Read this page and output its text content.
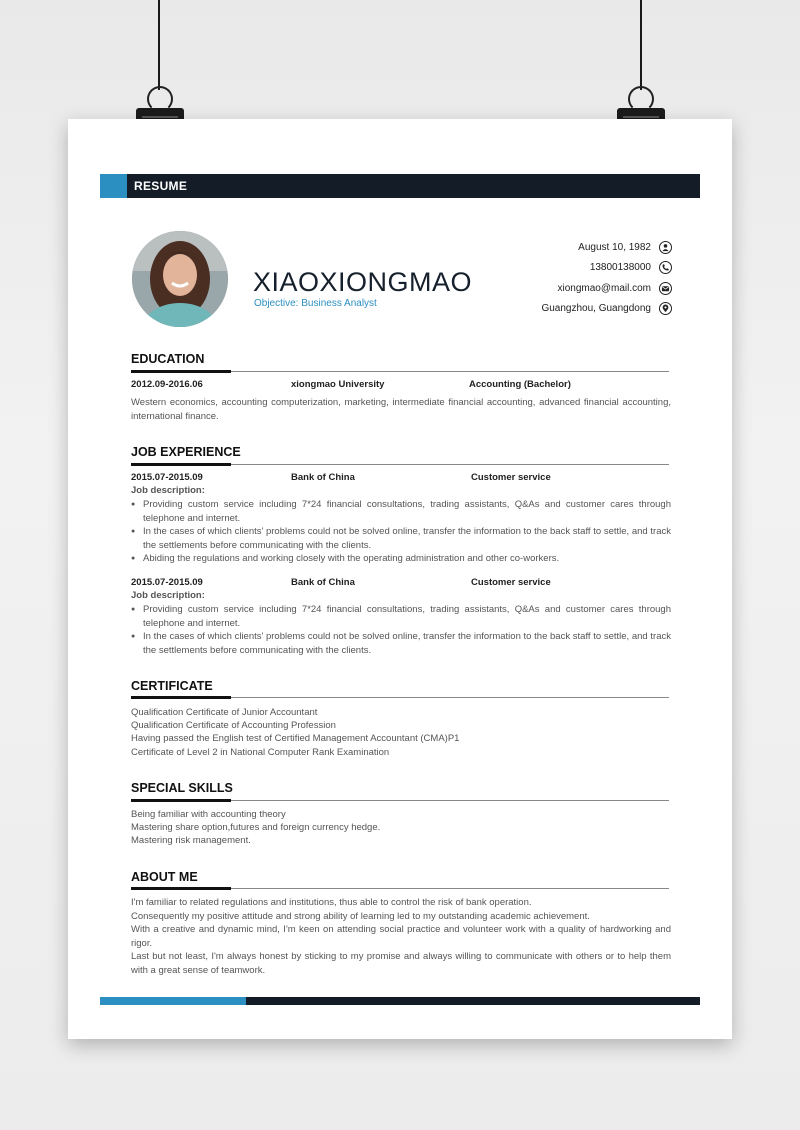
RESUME
XIAOXIONGMAO
Objective: Business Analyst
August 10, 1982
13800138000
xiongmao@mail.com
Guangzhou, Guangdong
EDUCATION
2012.09-2016.06	xiongmao University	Accounting (Bachelor)
Western economics, accounting computerization, marketing, intermediate financial accounting, advanced financial accounting, international finance.
JOB EXPERIENCE
2015.07-2015.09	Bank of China	Customer service
Job description:
● Providing custom service including 7*24 financial consultations, trading assistants, Q&As and customer cares through telephone and internet.
● In the cases of which clients' problems could not be solved online, transfer the information to the back staff to settle, and track the settlements before communicating with the clients.
● Abiding the regulations and working closely with the operating administration and other co-workers.
2015.07-2015.09	Bank of China	Customer service
Job description:
● Providing custom service including 7*24 financial consultations, trading assistants, Q&As and customer cares through telephone and internet.
● In the cases of which clients' problems could not be solved online, transfer the information to the back staff to settle, and track the settlements before communicating with the clients.
CERTIFICATE
Qualification Certificate of Junior Accountant
Qualification Certificate of Accounting Profession
Having passed the English test of Certified Management Accountant (CMA)P1
Certificate of Level 2 in National Computer Rank Examination
SPECIAL SKILLS
Being familiar with accounting theory
Mastering share option,futures and foreign currency hedge.
Mastering risk management.
ABOUT ME
I'm familiar to related regulations and institutions, thus able to control the risk of bank operation.
Consequently my positive attitude and strong ability of learning led to my outstanding academic achievement.
With a creative and dynamic mind, I'm keen on attending social practice and volunteer work with a quality of hardworking and rigor.
Last but not least, I'm always honest by sticking to my promise and always willing to communicate with others or to help them with a great sense of teamwork.
